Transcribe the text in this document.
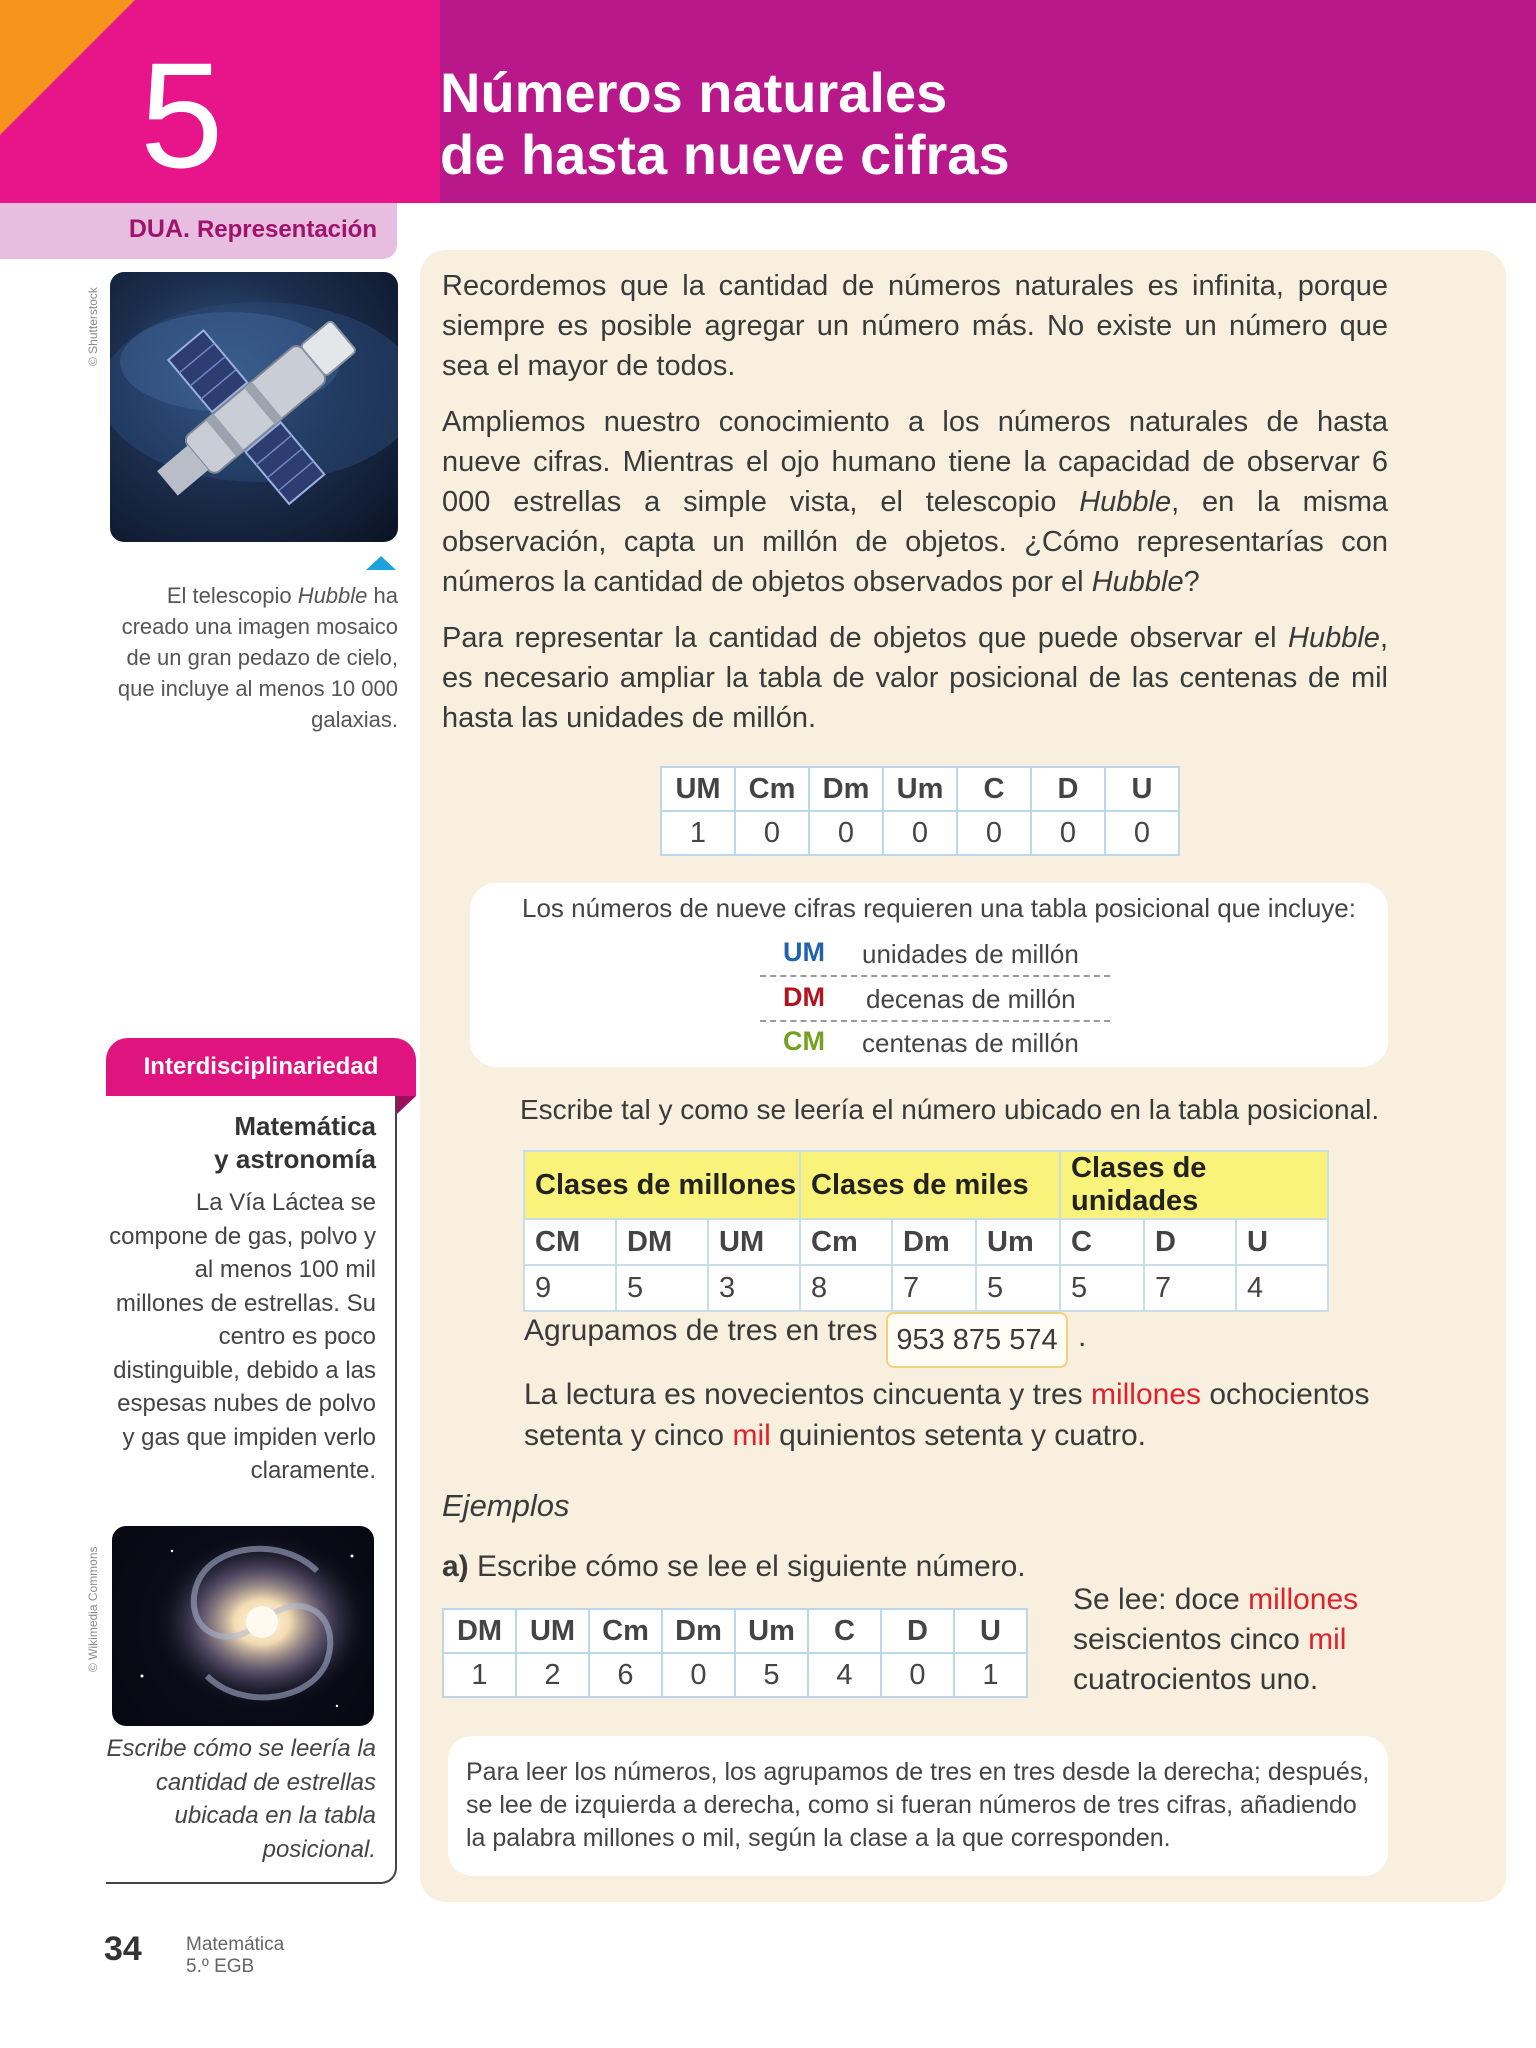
5	Números naturales
de hasta nueve cifras
DUA. Representación
© Shutterstock
El telescopio Hubble ha creado una imagen mosaico de un gran pedazo de cielo, que incluye al menos 10 000 galaxias.
Interdisciplinariedad
Matemática
y astronomía
La Vía Láctea se compone de gas, polvo y al menos 100 mil millones de estrellas. Su centro es poco distinguible, debido a las espesas nubes de polvo y gas que impiden verlo claramente.
© Wikimedia Commons
Escribe cómo se leería la cantidad de estrellas ubicada en la tabla posicional.

Recordemos que la cantidad de números naturales es infinita, porque siempre es posible agregar un número más. No existe un número que sea el mayor de todos.

Ampliemos nuestro conocimiento a los números naturales de hasta nueve cifras. Mientras el ojo humano tiene la capacidad de observar 6 000 estrellas a simple vista, el telescopio Hubble, en la misma observación, capta un millón de objetos. ¿Cómo representarías con números la cantidad de objetos observados por el Hubble?

Para representar la cantidad de objetos que puede observar el Hubble, es necesario ampliar la tabla de valor posicional de las centenas de mil hasta las unidades de millón.

UM	Cm	Dm	Um	C	D	U
1	0	0	0	0	0	0
Los números de nueve cifras requieren una tabla posicional que incluye:
UM	unidades de millón
DM	decenas de millón
CM	centenas de millón
Escribe tal y como se leería el número ubicado en la tabla posicional.
Clases de millones			Clases de miles			Clases de unidades		
CM	DM	UM	Cm	Dm	Um	C	D	U
9	5	3	8	7	5	5	7	4
Agrupamos de tres en tres 953 875 574 .

La lectura es novecientos cincuenta y tres millones ochocientos setenta y cinco mil quinientos setenta y cuatro.

Ejemplos
a) Escribe cómo se lee el siguiente número.
DM	UM	Cm	Dm	Um	C	D	U
1	2	6	0	5	4	0	1

Se lee: doce millones seiscientos cinco mil cuatrocientos uno.

Para leer los números, los agrupamos de tres en tres desde la derecha; después, se lee de izquierda a derecha, como si fueran números de tres cifras, añadiendo la palabra millones o mil, según la clase a la que corresponden.

34 Matemática
5.º EGB
